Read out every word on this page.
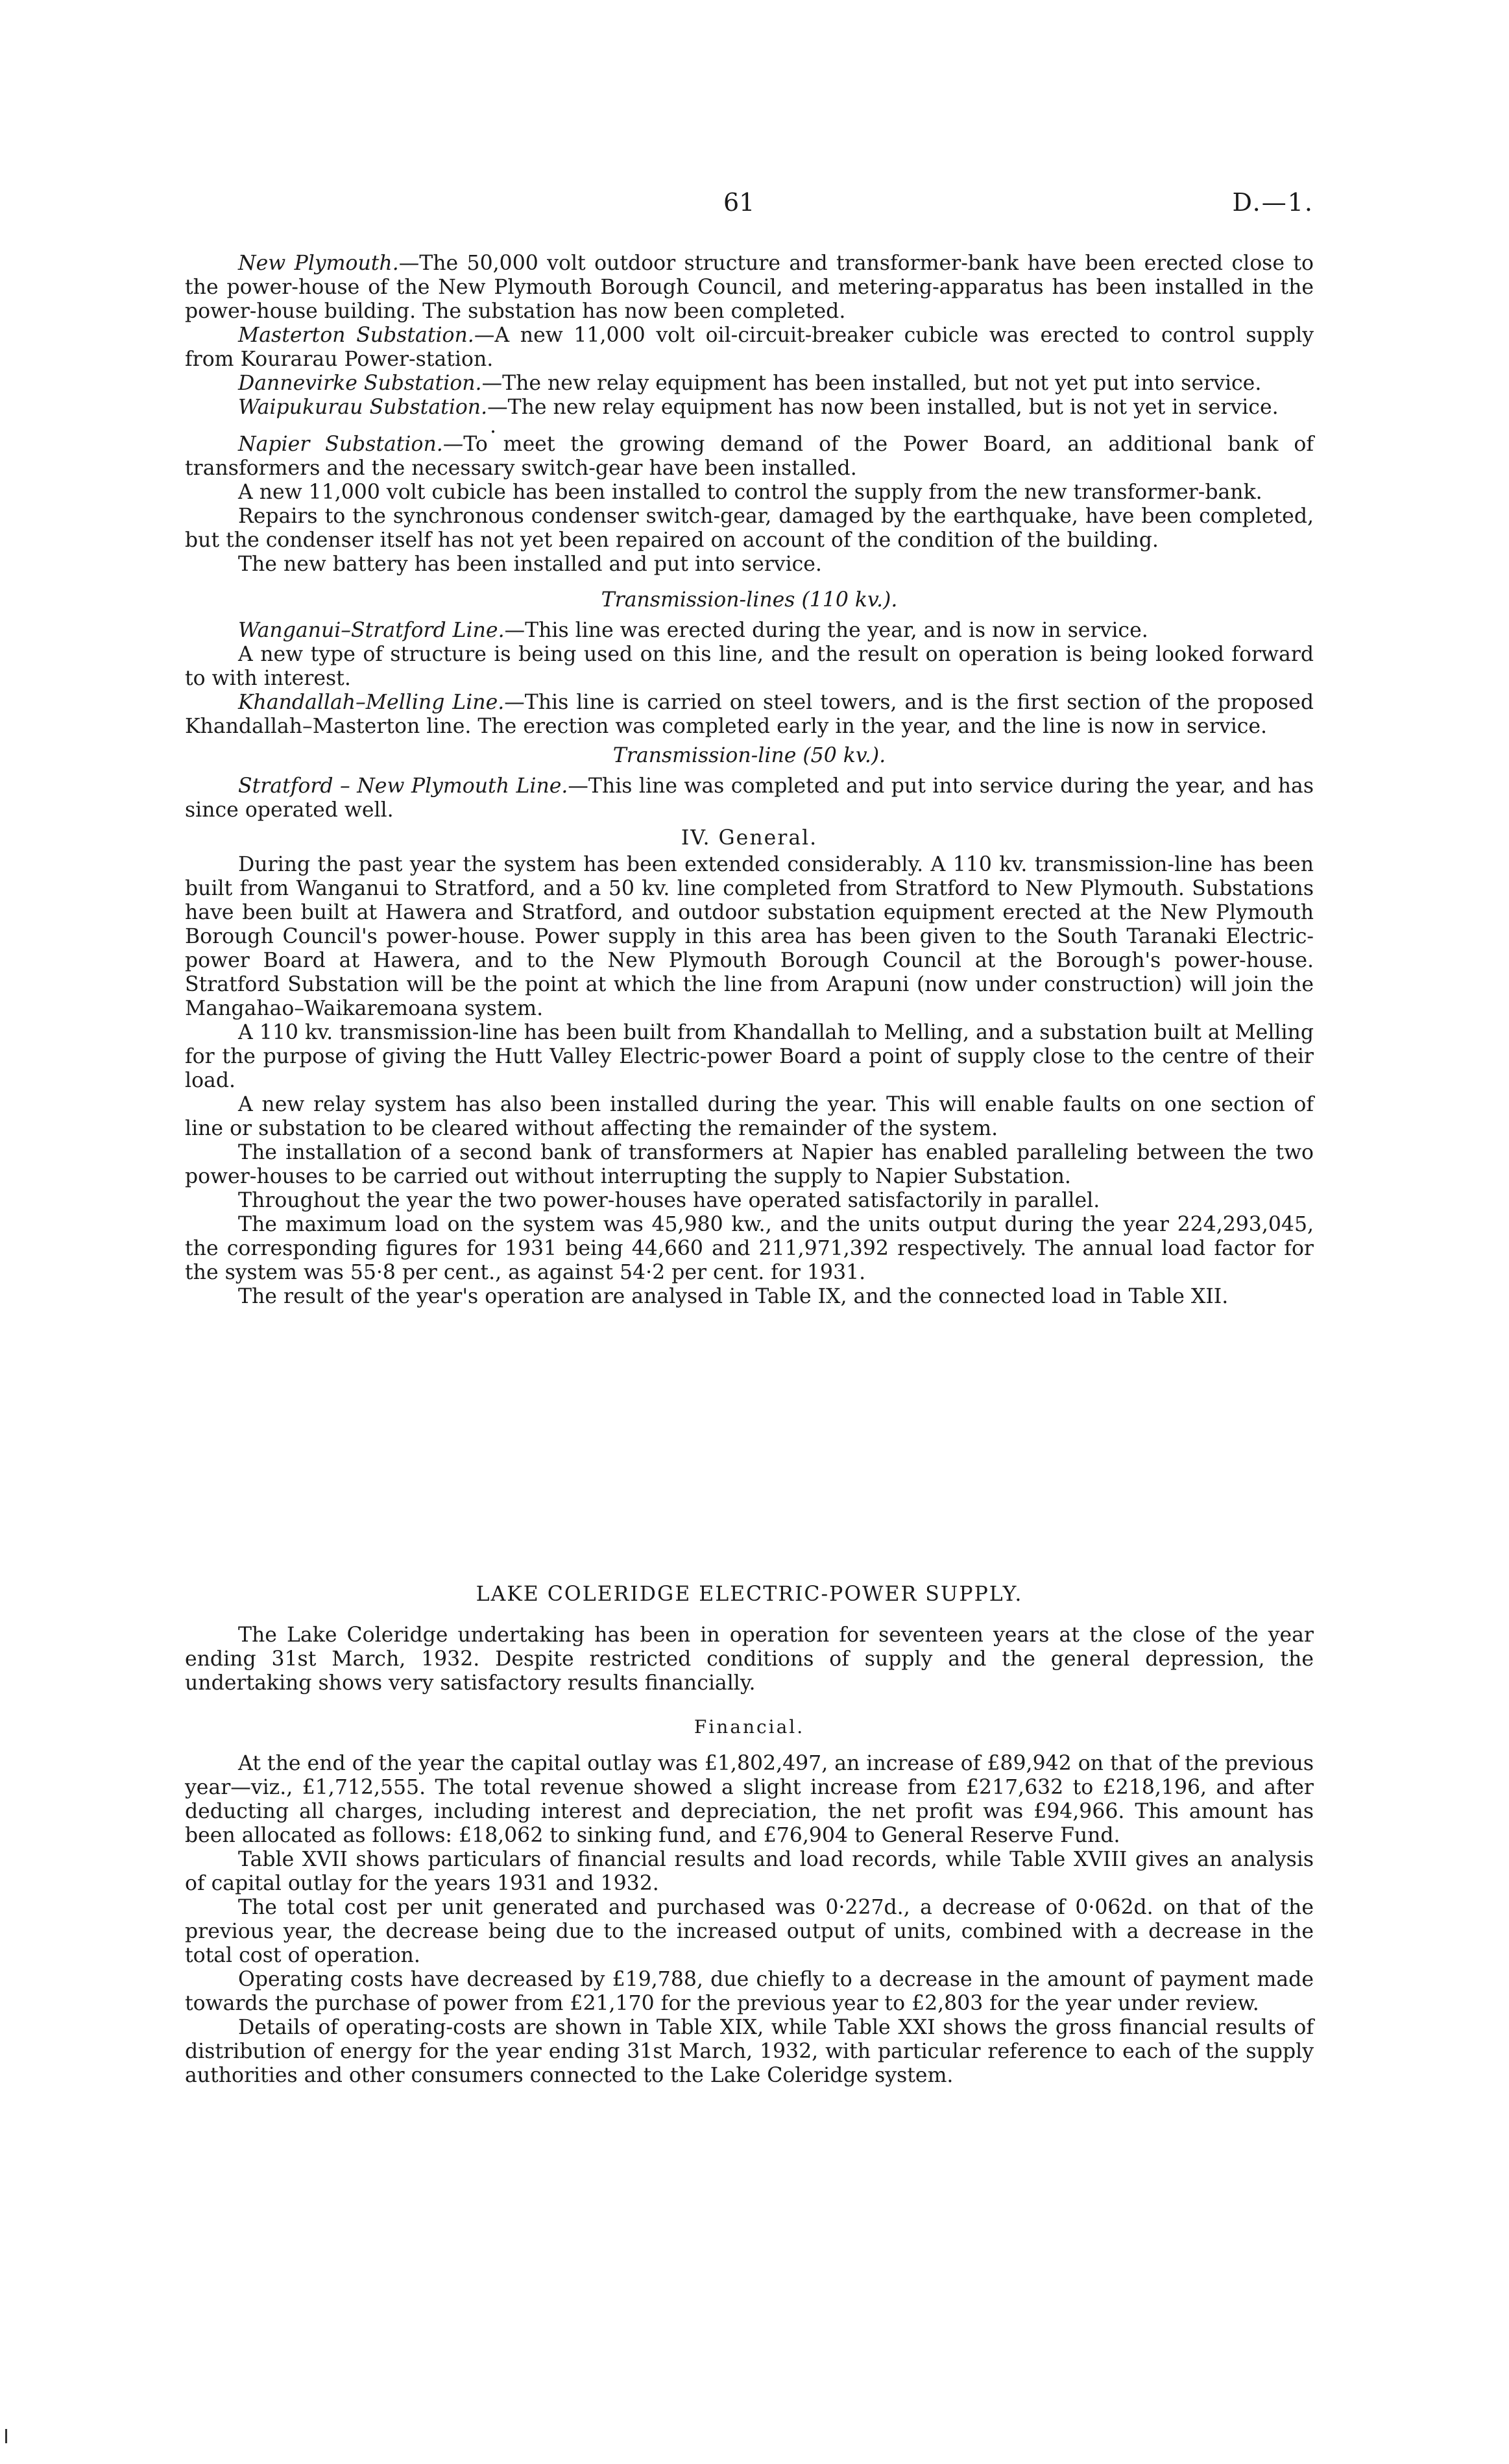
61	D.—1.

New Plymouth.—The 50,000 volt outdoor structure and transformer-bank have been erected close to the power-house of the New Plymouth Borough Council, and metering-apparatus has been installed in the power-house building. The substation has now been completed.

Masterton Substation.—A new 11,000 volt oil-circuit-breaker cubicle was erected to control supply from Kourarau Power-station.

Dannevirke Substation.—The new relay equipment has been installed, but not yet put into service.

Waipukurau Substation.—The new relay equipment has now been installed, but is not yet in service.

.

Napier Substation.—To meet the growing demand of the Power Board, an additional bank of transformers and the necessary switch-gear have been installed.

A new 11,000 volt cubicle has been installed to control the supply from the new transformer-bank.

Repairs to the synchronous condenser switch-gear, damaged by the earthquake, have been completed, but the condenser itself has not yet been repaired on account of the condition of the building.

The new battery has been installed and put into service.

Transmission-lines (110 kv.).

Wanganui–Stratford Line.—This line was erected during the year, and is now in service.

A new type of structure is being used on this line, and the result on operation is being looked forward to with interest.

Khandallah–Melling Line.—This line is carried on steel towers, and is the first section of the proposed Khandallah–Masterton line. The erection was completed early in the year, and the line is now in service.

Transmission-line (50 kv.).

Stratford – New Plymouth Line.—This line was completed and put into service during the year, and has since operated well.

IV. General.

During the past year the system has been extended considerably. A 110 kv. transmission-line has been built from Wanganui to Stratford, and a 50 kv. line completed from Stratford to New Plymouth. Substations have been built at Hawera and Stratford, and outdoor substation equipment erected at the New Plymouth Borough Council's power-house. Power supply in this area has been given to the South Taranaki Electric-power Board at Hawera, and to the New Plymouth Borough Council at the Borough's power-house. Stratford Substation will be the point at which the line from Arapuni (now under construction) will join the Mangahao–Waikaremoana system.

A 110 kv. transmission-line has been built from Khandallah to Melling, and a substation built at Melling for the purpose of giving the Hutt Valley Electric-power Board a point of supply close to the centre of their load.

A new relay system has also been installed during the year. This will enable faults on one section of line or substation to be cleared without affecting the remainder of the system.

The installation of a second bank of transformers at Napier has enabled paralleling between the two power-houses to be carried out without interrupting the supply to Napier Substation.

Throughout the year the two power-houses have operated satisfactorily in parallel.

The maximum load on the system was 45,980 kw., and the units output during the year 224,293,045, the corresponding figures for 1931 being 44,660 and 211,971,392 respectively. The annual load factor for the system was 55·8 per cent., as against 54·2 per cent. for 1931.

The result of the year's operation are analysed in Table IX, and the connected load in Table XII.

LAKE COLERIDGE ELECTRIC-POWER SUPPLY.

The Lake Coleridge undertaking has been in operation for seventeen years at the close of the year ending 31st March, 1932. Despite restricted conditions of supply and the general depression, the undertaking shows very satisfactory results financially.

Financial.

At the end of the year the capital outlay was £1,802,497, an increase of £89,942 on that of the previous year—viz., £1,712,555. The total revenue showed a slight increase from £217,632 to £218,196, and after deducting all charges, including interest and depreciation, the net profit was £94,966. This amount has been allocated as follows: £18,062 to sinking fund, and £76,904 to General Reserve Fund.

Table XVII shows particulars of financial results and load records, while Table XVIII gives an analysis of capital outlay for the years 1931 and 1932.

The total cost per unit generated and purchased was 0·227d., a decrease of 0·062d. on that of the previous year, the decrease being due to the increased output of units, combined with a decrease in the total cost of operation.

Operating costs have decreased by £19,788, due chiefly to a decrease in the amount of payment made towards the purchase of power from £21,170 for the previous year to £2,803 for the year under review.

Details of operating-costs are shown in Table XIX, while Table XXI shows the gross financial results of distribution of energy for the year ending 31st March, 1932, with particular reference to each of the supply authorities and other consumers connected to the Lake Coleridge system.
